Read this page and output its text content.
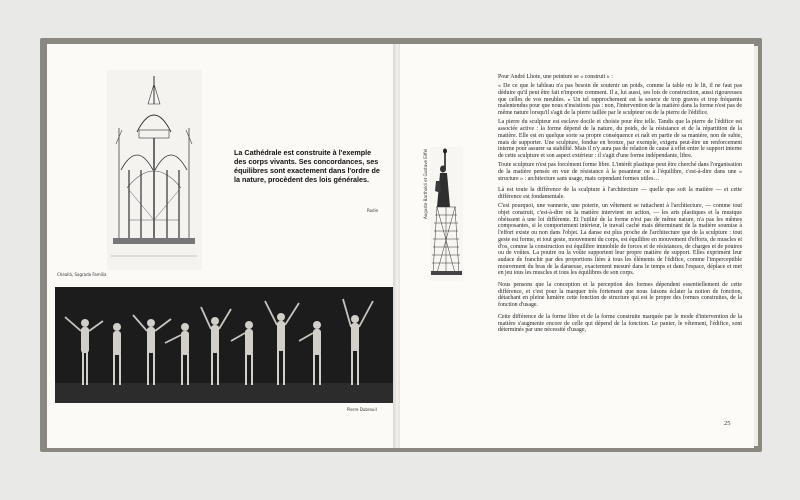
Cheallá, Sagrada Familia
Rodin
La Cathédrale est construite à l'exemple des corps vivants. Ses concordances, ses équilibres sont exactement dans l'ordre de la nature, procèdent des lois générales.
Pierre Dubreuil
Auguste Bartholdi et Gustave Eiffel

Pour André Lhote, une peinture se « construit » :

« De ce que le tableau n'a pas besoin de soutenir un poids, comme la table ou le lit, il ne faut pas déduire qu'il peut être fait n'importe comment. Il a, lui aussi, ses lois de construction, aussi rigoureuses que celles de vos meubles. » Un tel rapprochement est la source de trop graves et trop fréquents malentendus pour que nous n'insistions pas : non, l'intervention de la matière dans la forme n'est pas de même nature lorsqu'il s'agit de la pierre taillée par le sculpteur ou de la pierre de l'édifice.

La pierre du sculpteur est esclave docile et choisie pour être telle. Tandis que la pierre de l'édifice est associée active : la forme dépend de la nature, du poids, de la résistance et de la répartition de la matière. Elle est en quelque sorte sa propre conséquence et naît en partie de sa manière, non de subie, mais de supporter. Une sculpture, fondue en bronze, par exemple, exigera peut-être un renforcement interne pour assurer sa stabilité. Mais il n'y aura pas de relation de cause à effet entre le support interne de cette sculpture et son aspect extérieur : il s'agit d'une forme indépendante, libre.

Toute sculpture n'est pas forcément forme libre. L'intérêt plastique peut être cherché dans l'organisation de la matière pensée en vue de résistance à la pesanteur ou à l'équilibre, c'est-à-dire dans une « structure » : architecture sans usage, mais cependant formes utiles…

Là est toute la différence de la sculpture à l'architecture — quelle que soit la matière — et cette différence est fondamentale.

C'est pourquoi, une vannerie, une poterie, un vêtement se rattachent à l'architecture, — comme tout objet construit, c'est-à-dire où la matière intervient en action, — les arts plastiques et la musique obéissent à une loi différente. Et l'utilité de la forme n'est pas de même nature, n'a pas les mêmes composantes, si le comportement intérieur, le travail caché mais déterminant de la matière soumise à l'effort existe ou non dans l'objet. La danse est plus proche de l'architecture que de la sculpture : tout geste est forme, et tout geste, mouvement du corps, est équilibre en mouvement d'efforts, de muscles et d'os, comme la construction est équilibre immobile de forces et de résistances, de charges et de poutres ou de voûtes. La poutre ou la voûte supportent leur propre matière de support. Elles expriment leur audace de franchir par des proportions liées à tous les éléments de l'édifice, comme l'imperceptible mouvement du bras de la danseuse, exactement mesuré dans le temps et dans l'espace, déplace et met en jeu tous les muscles et tous les équilibres de son corps.

Nous pensons que la conception et la perception des formes dépendent essentiellement de cette différence, et c'est pour la marquer très fortement que nous faisons éclater la notion de fonction, détachant en pleine lumière cette fonction de structure qui est le propre des formes construites, de la fonction d'usage.

Cette différence de la forme libre et de la forme construite marquée par le mode d'intervention de la matière s'augmente encore de celle qui dépend de la fonction. Le panier, le vêtement, l'édifice, sont déterminés par une nécessité d'usage,

25
